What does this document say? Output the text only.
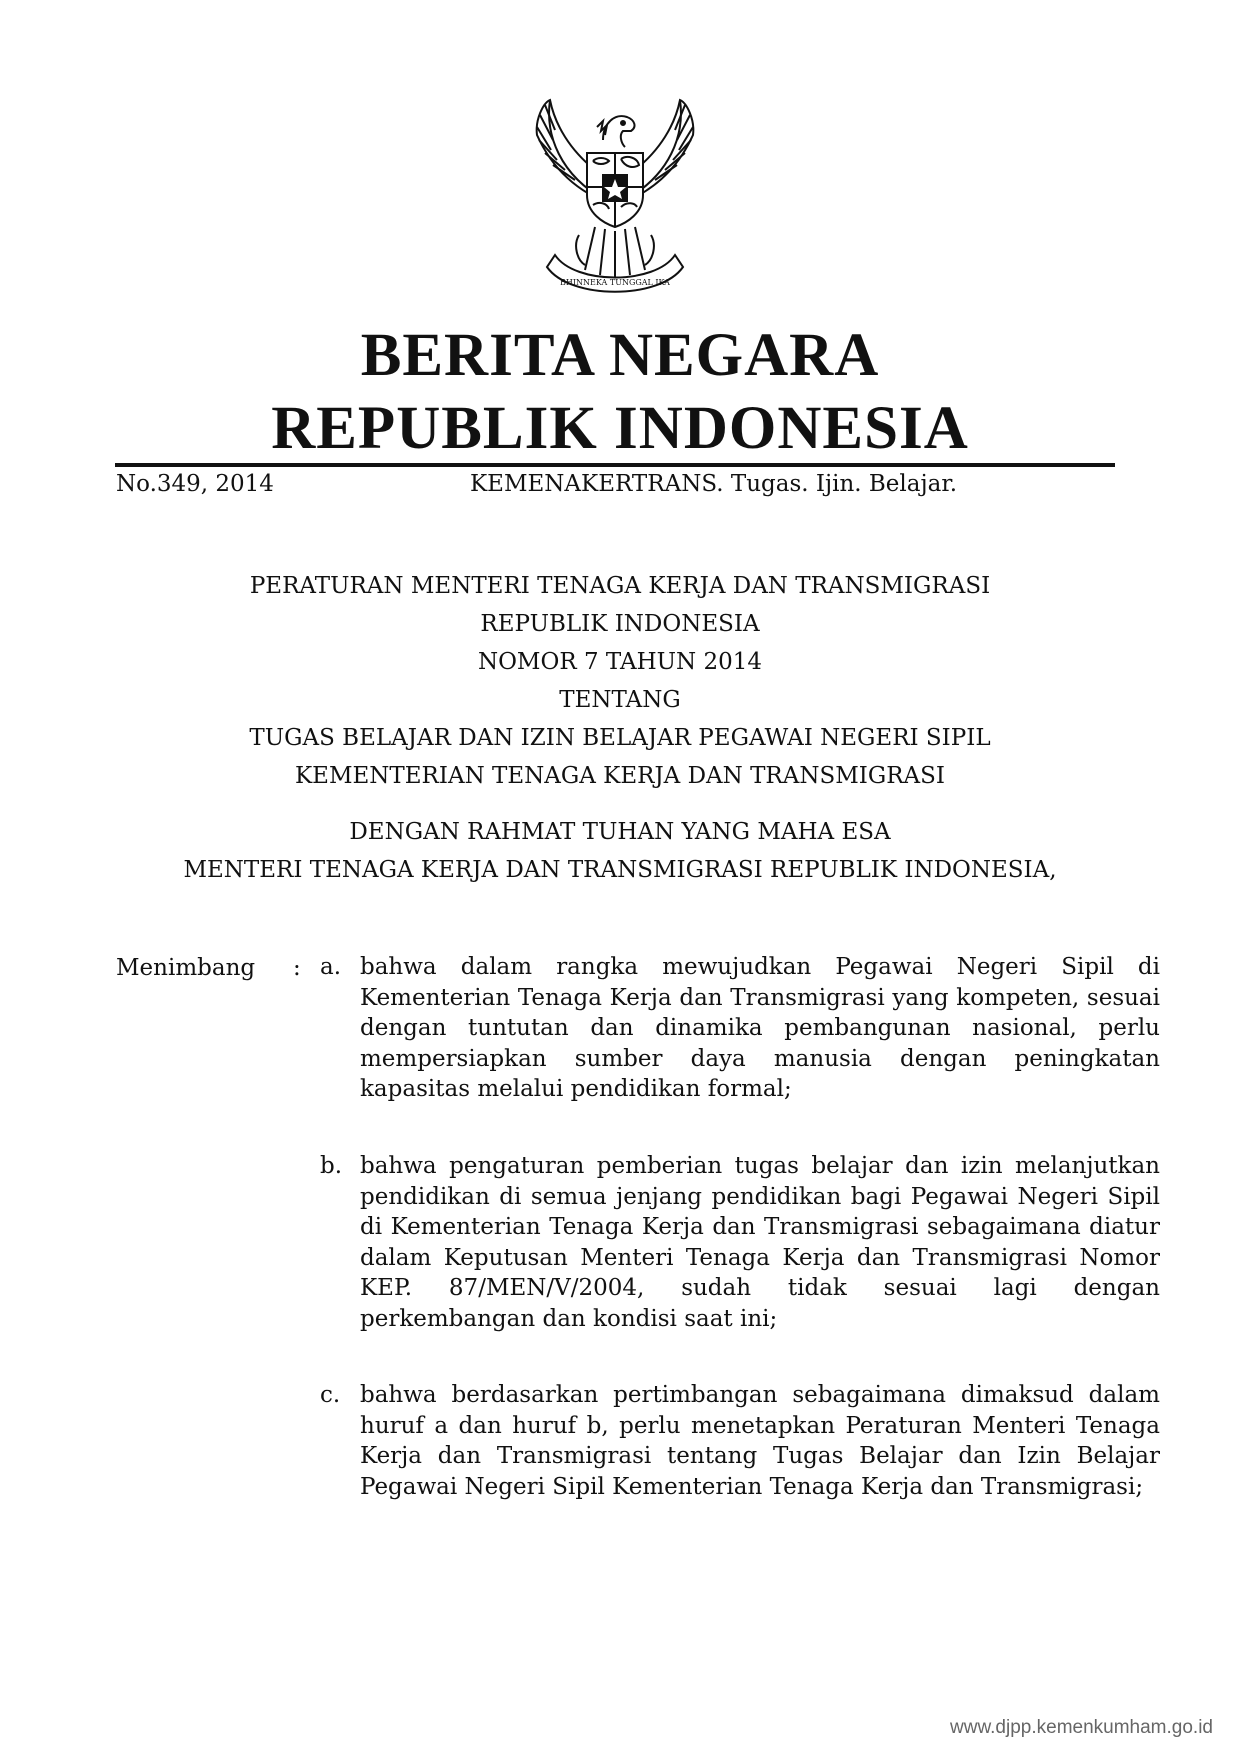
BHINNEKA TUNGGAL IKA
BERITA NEGARA
REPUBLIK INDONESIA
No.349, 2014	KEMENAKERTRANS. Tugas. Ijin. Belajar.
PERATURAN MENTERI TENAGA KERJA DAN TRANSMIGRASI
REPUBLIK INDONESIA
NOMOR 7 TAHUN 2014
TENTANG
TUGAS BELAJAR DAN IZIN BELAJAR PEGAWAI NEGERI SIPIL
KEMENTERIAN TENAGA KERJA DAN TRANSMIGRASI
DENGAN RAHMAT TUHAN YANG MAHA ESA
MENTERI TENAGA KERJA DAN TRANSMIGRASI REPUBLIK INDONESIA,
Menimbang : a. bahwa dalam rangka mewujudkan Pegawai Negeri Sipil di Kementerian Tenaga Kerja dan Transmigrasi yang kompeten, sesuai dengan tuntutan dan dinamika pembangunan nasional, perlu mempersiapkan sumber daya manusia dengan peningkatan kapasitas melalui pendidikan formal;
b. bahwa pengaturan pemberian tugas belajar dan izin melanjutkan pendidikan di semua jenjang pendidikan bagi Pegawai Negeri Sipil di Kementerian Tenaga Kerja dan Transmigrasi sebagaimana diatur dalam Keputusan Menteri Tenaga Kerja dan Transmigrasi Nomor KEP. 87/MEN/V/2004, sudah tidak sesuai lagi dengan perkembangan dan kondisi saat ini;
c. bahwa berdasarkan pertimbangan sebagaimana dimaksud dalam huruf a dan huruf b, perlu menetapkan Peraturan Menteri Tenaga Kerja dan Transmigrasi tentang Tugas Belajar dan Izin Belajar Pegawai Negeri Sipil Kementerian Tenaga Kerja dan Transmigrasi;
www.djpp.kemenkumham.go.id
